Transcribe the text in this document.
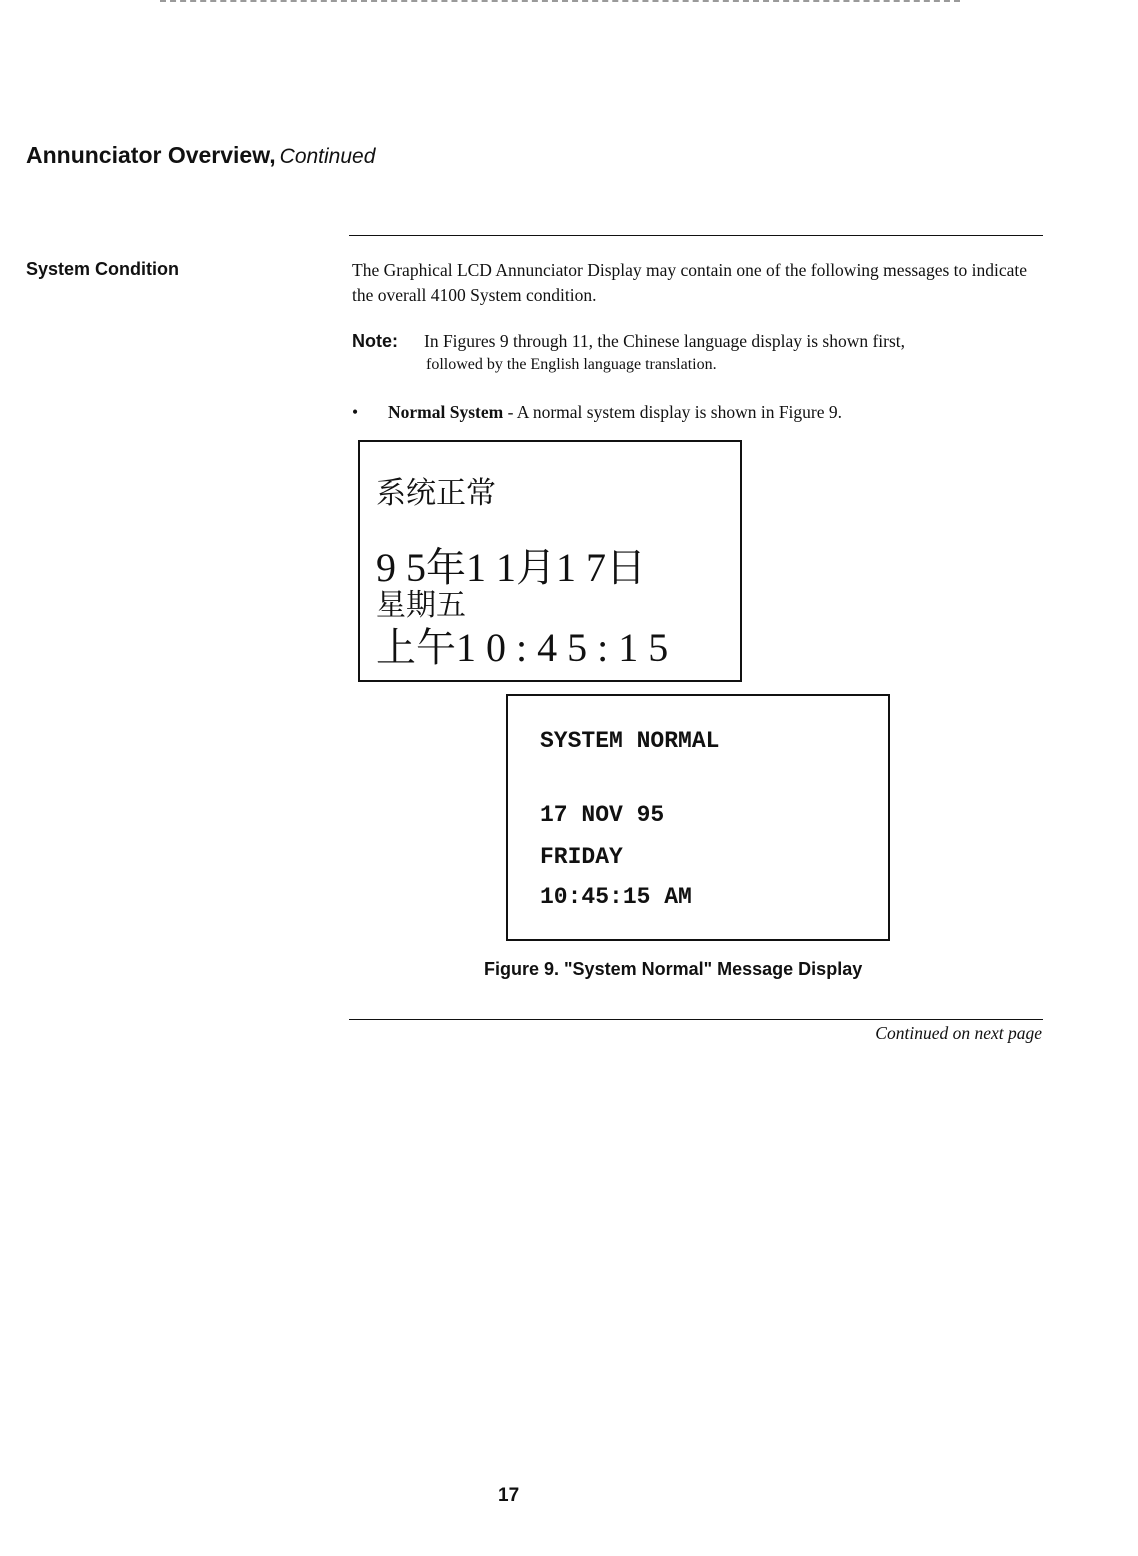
Annunciator Overview, Continued
System Condition	The Graphical LCD Annunciator Display may contain one of the following messages to indicate the overall 4100 System condition.

Note: In Figures 9 through 11, the Chinese language display is shown first,
followed by the English language translation.
• Normal System - A normal system display is shown in Figure 9.
系统正常
9 5年1 1月1 7日
星期五
上午1 0 : 4 5 : 1 5
SYSTEM NORMAL
17 NOV 95
FRIDAY
10:45:15 AM

Figure 9. "System Normal" Message Display

Continued on next page
17
